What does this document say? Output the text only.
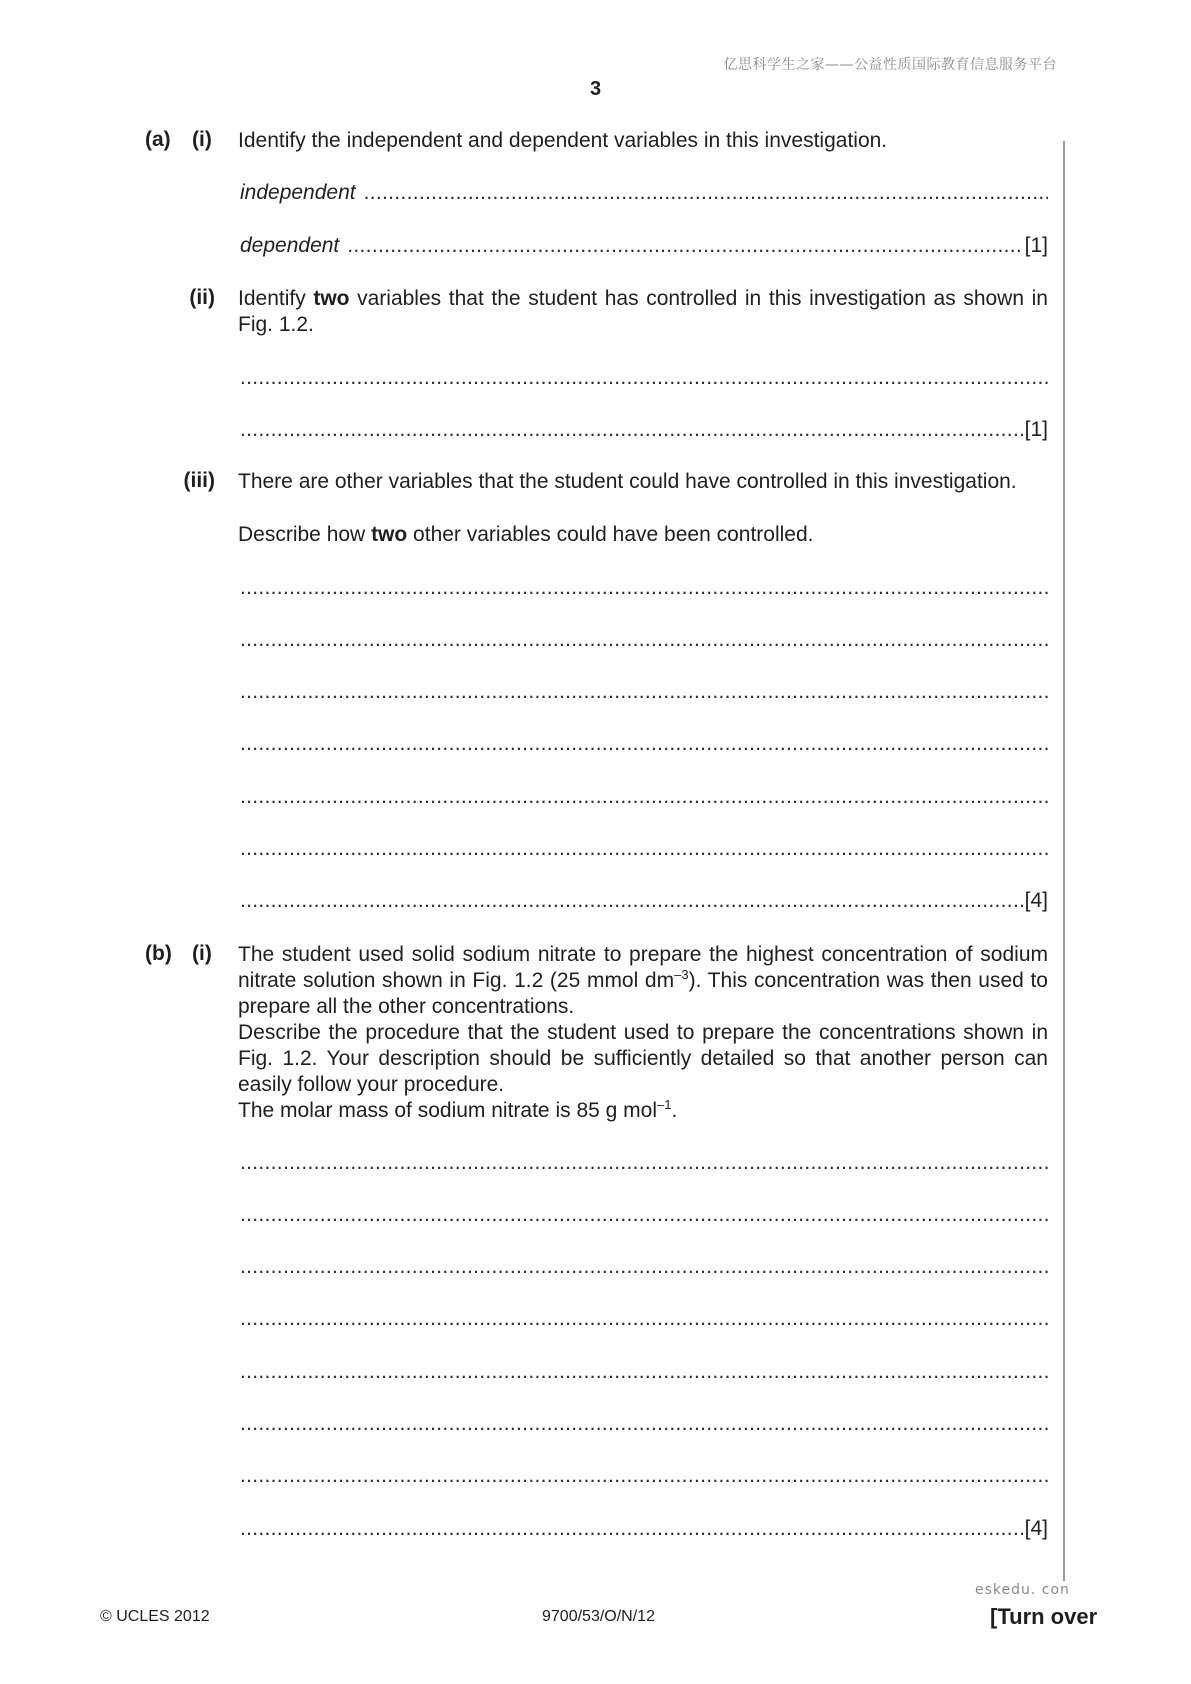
亿思科学生之家——公益性质国际教育信息服务平台
3
(a) (i) Identify the independent and dependent variables in this investigation.
independent
.....
dependent
.....	[1]
(ii) Identify two variables that the student has controlled in this investigation as shown in Fig. 1.2.
.....
.....
[1]
(iii) There are other variables that the student could have controlled in this investigation.
Describe how two other variables could have been controlled.
.....
.....
.....
.....
.....
.....
.....
[4]
(b) (i) The student used solid sodium nitrate to prepare the highest concentration of sodium nitrate solution shown in Fig. 1.2 (25 mmol $dm^{-3}$). This concentration was then used to prepare all the other concentrations.
Describe the procedure that the student used to prepare the concentrations shown in Fig. 1.2. Your description should be sufficiently detailed so that another person can easily follow your procedure.
The molar mass of sodium nitrate is 85 g mol$^{-1}$.
.....
.....
.....
.....
.....
.....
.....
.....
[4]
eskedu. con
© UCLES 2012	9700/53/O/N/12	[Turn over
